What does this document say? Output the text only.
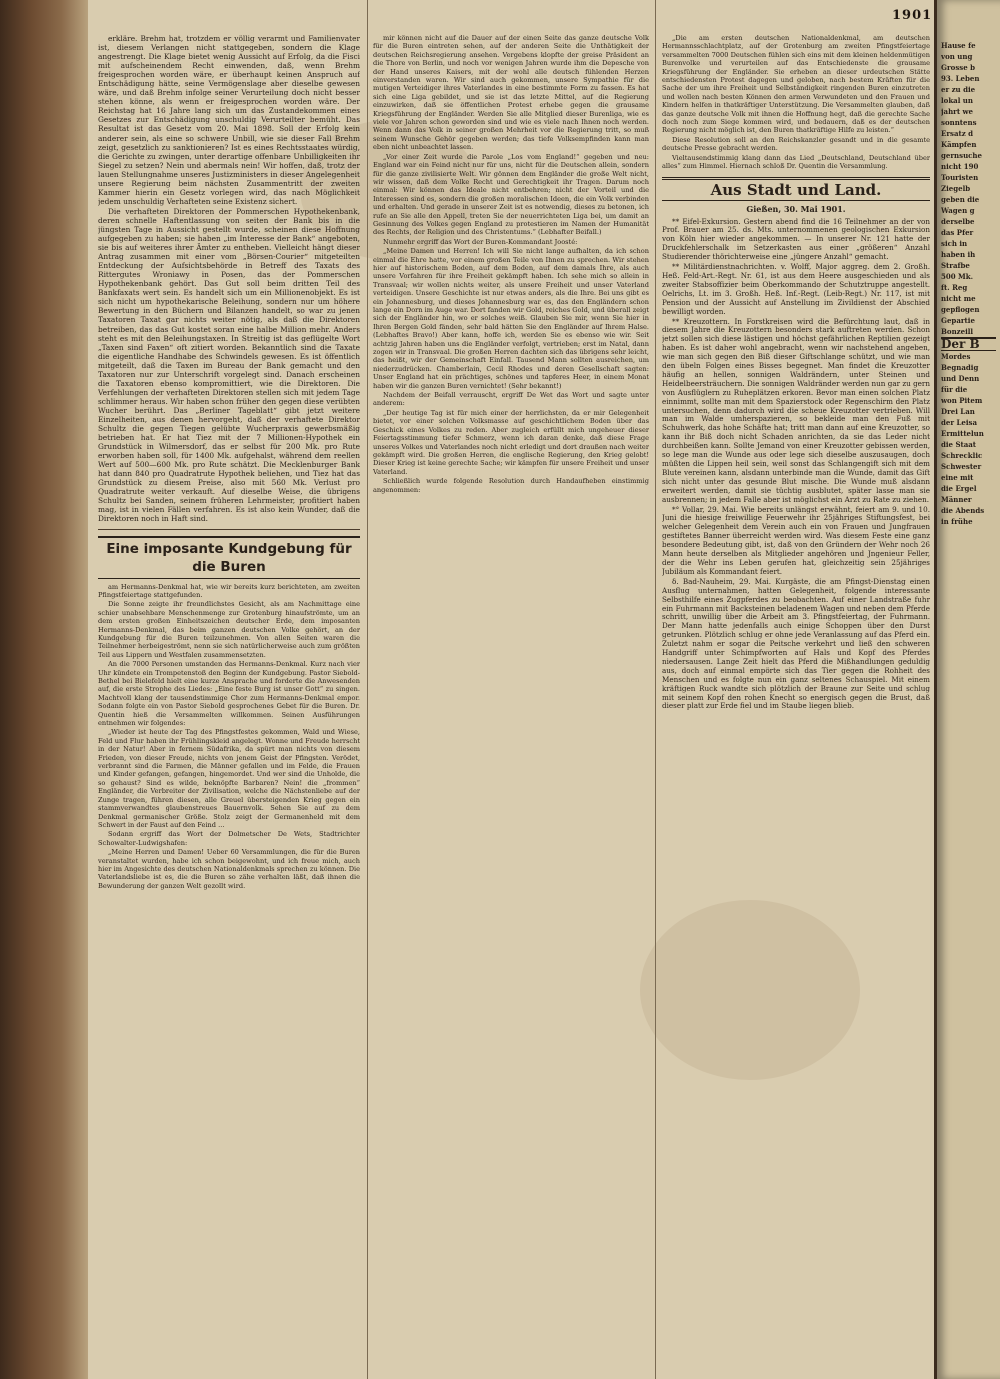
1901

erkläre. Brehm hat, trotzdem er völlig verarmt und Familienvater ist, diesem Verlangen nicht stattgegeben, sondern die Klage angestrengt. Die Klage bietet wenig Aussicht auf Erfolg, da die Fisci mit aufscheinendem Recht einwenden, daß, wenn Brehm freigesprochen worden wäre, er überhaupt keinen Anspruch auf Entschädigung hätte, seine Vermögenslage aber dieselbe gewesen wäre, und daß Brehm infolge seiner Verurteilung doch nicht besser stehen könne, als wenn er freigesprochen worden wäre. Der Reichstag hat 16 Jahre lang sich um das Zustandekommen eines Gesetzes zur Entschädigung unschuldig Verurteilter bemüht. Das Resultat ist das Gesetz vom 20. Mai 1898. Soll der Erfolg kein anderer sein, als eine so schwere Unbill, wie sie dieser Fall Brehm zeigt, gesetzlich zu sanktionieren? Ist es eines Rechtsstaates würdig, die Gerichte zu zwingen, unter derartige offenbare Unbilligkeiten ihr Siegel zu setzen? Nein und abermals nein! Wir hoffen, daß, trotz der lauen Stellungnahme unseres Justizministers in dieser Angelegenheit unsere Regierung beim nächsten Zusammentritt der zweiten Kammer hierin ein Gesetz vorlegen wird, das nach Möglichkeit jedem unschuldig Verhafteten seine Existenz sichert.

Die verhafteten Direktoren der Pommerschen Hypothekenbank, deren schnelle Haftentlassung von seiten der Bank bis in die jüngsten Tage in Aussicht gestellt wurde, scheinen diese Hoffnung aufgegeben zu haben; sie haben „im Interesse der Bank“ angeboten, sie bis auf weiteres ihrer Ämter zu entheben. Vielleicht hängt dieser Antrag zusammen mit einer vom „Börsen-Courier“ mitgeteilten Entdeckung der Aufsichtsbehörde in Betreff des Taxats des Rittergutes Wroniawy in Posen, das der Pommerschen Hypothekenbank gehört. Das Gut soll beim dritten Teil des Bankfaxats wert sein. Es handelt sich um ein Millionenobjekt. Es ist sich nicht um hypothekarische Beleihung, sondern nur um höhere Bewertung in den Büchern und Bilanzen handelt, so war zu jenen Taxatoren Taxat gar nichts weiter nötig, als daß die Direktoren betreiben, das das Gut kostet soran eine halbe Million mehr. Anders steht es mit den Beleihungstaxen. In Streitig ist das geflügelte Wort „Taxen sind Faxen“ oft zitiert worden. Bekanntlich sind die Taxate die eigentliche Handhabe des Schwindels gewesen. Es ist öffentlich mitgeteilt, daß die Taxen im Bureau der Bank gemacht und den Taxatoren nur zur Unterschrift vorgelegt sind. Danach erscheinen die Taxatoren ebenso kompromittiert, wie die Direktoren. Die Verfehlungen der verhafteten Direktoren stellen sich mit jedem Tage schlimmer heraus. Wir haben schon früher den gegen diese verübten Wucher berührt. Das „Berliner Tageblatt“ gibt jetzt weitere Einzelheiten, aus denen hervorgeht, daß der verhaftete Direktor Schultz die gegen Tiegen gelübte Wucherpraxis gewerbsmäßig betrieben hat. Er hat Tiez mit der 7 Millionen-Hypothek ein Grundstück in Wilmersdorf, das er selbst für 200 Mk. pro Rute erworben haben soll, für 1400 Mk. aufgehalst, während dem reellen Wert auf 500—600 Mk. pro Rute schätzt. Die Mecklenburger Bank hat dann 840 pro Quadratrute Hypothek beliehen, und Tiez hat das Grundstück zu diesem Preise, also mit 560 Mk. Verlust pro Quadratrute weiter verkauft. Auf dieselbe Weise, die übrigens Schultz bei Sanden, seinem früheren Lehrmeister, profitiert haben mag, ist in vielen Fällen verfahren. Es ist also kein Wunder, daß die Direktoren noch in Haft sind.

Eine imposante Kundgebung für die Buren

am Hermanns-Denkmal hat, wie wir bereits kurz berichteten, am zweiten Pfingstfeiertage stattgefunden.

Die Sonne zeigte ihr freundlichstes Gesicht, als am Nachmittage eine schier unabsehbare Menschenmenge zur Grotenburg hinaufströmte, um an dem ersten großen Einheitszeichen deutscher Erde, dem imposanten Hermanns-Denkmal, das beim ganzen deutschen Volke gehört, an der Kundgebung für die Buren teilzunehmen. Von allen Seiten waren die Teilnehmer herbeigeströmt, nenn sie sich natürlicherweise auch zum größten Teil aus Lippern und Westfalen zusammensetzten.

An die 7000 Personen umstanden das Hermanns-Denkmal. Kurz nach vier Uhr kündete ein Trompetenstoß den Beginn der Kundgebung. Pastor Siebold-Bethel bei Bielefeld hielt eine kurze Ansprache und forderte die Anwesenden auf, die erste Strophe des Liedes: „Eine feste Burg ist unser Gott“ zu singen. Machtvoll klang der tausendstimmige Chor zum Hermanns-Denkmal empor. Sodann folgte ein von Pastor Siebold gesprochenes Gebet für die Buren. Dr. Quentin hieß die Versammelten willkommen. Seinen Ausführungen entnehmen wir folgendes:

„Wieder ist heute der Tag des Pfingstfestes gekommen, Wald und Wiese, Feld und Flur haben ihr Frühlingskleid angelegt. Wonne und Freude herrscht in der Natur! Aber in fernem Südafrika, da spürt man nichts von diesem Frieden, von dieser Freude, nichts von jenem Geist der Pfingsten. Verödet, verbrannt sind die Farmen, die Männer gefallen und im Felde, die Frauen und Kinder gefangen, gefangen, hingemordet. Und wer sind die Unholde, die so gehaust? Sind es wilde, beknöpfte Barbaren? Nein! die „frommen“ Engländer, die Verbreiter der Zivilisation, welche die Nächstenliebe auf der Zunge tragen, führen diesen, alle Greuel übersteigenden Krieg gegen ein stammverwandtes glaubenstreues Bauernvolk. Sehen Sie auf zu dem Denkmal germanischer Größe. Stolz zeigt der Germanenheld mit dem Schwert in der Faust auf den Feind ...

Sodann ergriff das Wort der Dolmetscher De Wets, Stadtrichter Schowalter-Ludwigshafen:

„Meine Herren und Damen! Ueber 60 Versammlungen, die für die Buren veranstaltet wurden, habe ich schon beigewohnt, und ich freue mich, auch hier im Angesichte des deutschen Nationaldenkmals sprechen zu können. Die Vaterlandsliebe ist es, die die Buren so zähe verhalten läßt, daß ihnen die Bewunderung der ganzen Welt gezollt wird.

mir können nicht auf die Dauer auf der einen Seite das ganze deutsche Volk für die Buren eintreten sehen, auf der anderen Seite die Unthätigkeit der deutschen Reichsregierung ansehen. Vergebens klopfte der greise Präsident an die Thore von Berlin, und noch vor wenigen Jahren wurde ihm die Depesche von der Hand unseres Kaisers, mit der wohl alle deutsch fühlenden Herzen einverstanden waren. Wir sind auch gekommen, unsere Sympathie für die mutigen Verteidiger ihres Vaterlandes in eine bestimmte Form zu fassen. Es hat sich eine Liga gebildet, und sie ist das letzte Mittel, auf die Regierung einzuwirken, daß sie öffentlichen Protest erhebe gegen die grausame Kriegsführung der Engländer. Werden Sie alle Mitglied dieser Burenliga, wie es viele vor Jahren schon geworden sind und wie es viele nach Ihnen noch werden. Wenn dann das Volk in seiner großen Mehrheit vor die Regierung tritt, so muß seinem Wunsche Gehör gegeben werden; das tiefe Volksempfinden kann man eben nicht unbeachtet lassen.

„Vor einer Zeit wurde die Parole „Los vom England!“ gegeben und neu: England war ein Feind nicht nur für uns, nicht für die Deutschen allein, sondern für die ganze zivilisierte Welt. Wir gönnen dem Engländer die große Welt nicht, wir wissen, daß dem Volke Recht und Gerechtigkeit ihr Tragen. Darum noch einmal: Wir können das Ideale nicht entbehren; nicht der Vorteil und die Interessen sind es, sondern die großen moralischen Ideen, die ein Volk verbinden und erhalten. Und gerade in unserer Zeit ist es notwendig, dieses zu betonen, ich rufe an Sie alle den Appell, treten Sie der neuerrichteten Liga bei, um damit an Gesinnung des Volkes gegen England zu protestieren im Namen der Humanität des Rechts, der Religion und des Christentums.“ (Lebhafter Beifall.)

Nunmehr ergriff das Wort der Buren-Kommandant Joosté:

„Meine Damen und Herren! Ich will Sie nicht lange aufhalten, da ich schon einmal die Ehre hatte, vor einem großen Teile von Ihnen zu sprechen. Wir stehen hier auf historischem Boden, auf dem Boden, auf dem damals Ihre, als auch unsere Vorfahren für ihre Freiheit gekämpft haben. Ich sehe mich so allein in Transvaal; wir wollen nichts weiter, als unsere Freiheit und unser Vaterland verteidigen. Unsere Geschichte ist nur etwas anders, als die Ihre. Bei uns gibt es ein Johannesburg, und dieses Johannesburg war es, das den Engländern schon lange ein Dorn im Auge war. Dort fanden wir Gold, reiches Gold, und überall zeigt sich der Engländer hin, wo er solches weiß. Glauben Sie mir, wenn Sie hier in Ihren Bergen Gold fänden, sehr bald hätten Sie den Engländer auf Ihrem Halse. (Lebhaftes Bravo!) Aber kann, hoffe ich, werden Sie es ebenso wie wir. Seit achtzig Jahren haben uns die Engländer verfolgt, vertrieben; erst im Natal, dann zogen wir in Transvaal. Die großen Herren dachten sich das übrigens sehr leicht, das heißt, wir der Gemeinschaft Einfall. Tausend Mann sollten ausreichen, um niederzudrücken. Chamberlain, Cecil Rhodes und deren Gesellschaft sagten: Unser England hat ein prächtiges, schönes und tapferes Heer, in einem Monat haben wir die ganzen Buren vernichtet! (Sehr bekannt!)

Nachdem der Beifall verrauscht, ergriff De Wet das Wort und sagte unter anderem:

„Der heutige Tag ist für mich einer der herrlichsten, da er mir Gelegenheit bietet, vor einer solchen Volksmasse auf geschichtlichem Boden über das Geschick eines Volkes zu reden. Aber zugleich erfüllt mich ungeheuer dieser Feiertagsstimmung tiefer Schmerz, wenn ich daran denke, daß diese Frage unseres Volkes und Vaterlandes noch nicht erledigt und dort draußen nach weiter gekämpft wird. Die großen Herren, die englische Regierung, den Krieg gelobt! Dieser Krieg ist keine gerechte Sache; wir kämpfen für unsere Freiheit und unser Vaterland.

Schließlich wurde folgende Resolution durch Handaufheben einstimmig angenommen:

„Die am ersten deutschen Nationaldenkmal, am deutschen Hermannsschlachtplatz, auf der Grotenburg am zweiten Pfingstfeiertage versammelten 7000 Deutschen fühlen sich eins mit dem kleinen heldenmütigen Burenvolke und verurteilen auf das Entschiedenste die grausame Kriegsführung der Engländer. Sie erheben an dieser urdeutschen Stätte entschiedensten Protest dagegen und geloben, nach bestem Kräften für die Sache der um ihre Freiheit und Selbständigkeit ringenden Buren einzutreten und wollen nach besten Können den armen Verwundeten und den Frauen und Kindern helfen in thatkräftiger Unterstützung. Die Versammelten glauben, daß das ganze deutsche Volk mit ihnen die Hoffnung hegt, daß die gerechte Sache doch noch zum Siege kommen wird, und bedauern, daß es der deutschen Regierung nicht möglich ist, den Buren thatkräftige Hilfe zu leisten.“

Diese Resolution soll an den Reichskanzler gesandt und in die gesamte deutsche Presse gebracht werden.

Vieltausendstimmig klang dann das Lied „Deutschland, Deutschland über alles“ zum Himmel. Hiernach schloß Dr. Quentin die Versammlung.

Aus Stadt und Land.
Gießen, 30. Mai 1901.

** Eifel-Exkursion. Gestern abend find die 16 Teilnehmer an der von Prof. Brauer am 25. ds. Mts. unternommenen geologischen Exkursion von Köln hier wieder angekommen. — In unserer Nr. 121 hatte der Druckfehlerschalk im Setzerkasten aus einer „größeren“ Anzahl Studierender thörichterweise eine „jüngere Anzahl“ gemacht.

** Militärdienstnachrichten. v. Wolff, Major aggreg. dem 2. Großh. Heß. Feld-Art.-Regt. Nr. 61, ist aus dem Heere ausgeschieden und als zweiter Stabsoffizier beim Oberkommando der Schutztruppe angestellt. Oelrichs, Lt. im 3. Großh. Heß. Inf.-Regt. (Leib-Regt.) Nr. 117, ist mit Pension und der Aussicht auf Anstellung im Zivildienst der Abschied bewilligt worden.

** Kreuzottern. In Forstkreisen wird die Befürchtung laut, daß in diesem Jahre die Kreuzottern besonders stark auftreten werden. Schon jetzt sollen sich diese lästigen und höchst gefährlichen Reptilien gezeigt haben. Es ist daher wohl angebracht, wenn wir nachstehend angeben, wie man sich gegen den Biß dieser Giftschlange schützt, und wie man den übeln Folgen eines Bisses begegnet. Man findet die Kreuzotter häufig an hellen, sonnigen Waldrändern, unter Steinen und Heidelbeersträuchern. Die sonnigen Waldränder werden nun gar zu gern von Ausflüglern zu Ruheplätzen erkoren. Bevor man einen solchen Platz einnimmt, sollte man mit dem Spazierstock oder Regenschirm den Platz untersuchen, denn dadurch wird die scheue Kreuzotter vertrieben. Will man im Walde umherspazieren, so bekleide man den Fuß mit Schuhwerk, das hohe Schäfte hat; tritt man dann auf eine Kreuzotter, so kann ihr Biß doch nicht Schaden anrichten, da sie das Leder nicht durchbeißen kann. Sollte Jemand von einer Kreuzotter gebissen werden, so lege man die Wunde aus oder lege sich dieselbe auszusaugen, doch müßten die Lippen heil sein, weil sonst das Schlangengift sich mit dem Blute vereinen kann, alsdann unterbinde man die Wunde, damit das Gift sich nicht unter das gesunde Blut mische. Die Wunde muß alsdann erweitert werden, damit sie tüchtig ausblutet, später lasse man sie ausbrennen; in jedem Falle aber ist möglichst ein Arzt zu Rate zu ziehen.

*° Vollar, 29. Mai. Wie bereits unlängst erwähnt, feiert am 9. und 10. Juni die hiesige freiwillige Feuerwehr ihr 25jähriges Stiftungsfest, bei welcher Gelegenheit dem Verein auch ein von Frauen und Jungfrauen gestiftetes Banner überreicht werden wird. Was diesem Feste eine ganz besondere Bedeutung gibt, ist, daß von den Gründern der Wehr noch 26 Mann heute derselben als Mitglieder angehören und Jngenieur Feller, der die Wehr ins Leben gerufen hat, gleichzeitig sein 25jähriges Jubiläum als Kommandant feiert.

δ. Bad-Nauheim, 29. Mai. Kurgäste, die am Pfingst-Dienstag einen Ausflug unternahmen, hatten Gelegenheit, folgende interessante Selbsthilfe eines Zugpferdes zu beobachten. Auf einer Landstraße fuhr ein Fuhrmann mit Backsteinen beladenem Wagen und neben dem Pferde schritt, unwillig über die Arbeit am 3. Pfingstfeiertag, der Fuhrmann. Der Mann hatte jedenfalls auch einige Schoppen über den Durst getrunken. Plötzlich schlug er ohne jede Veranlassung auf das Pferd ein. Zuletzt nahm er sogar die Peitsche verkehrt und ließ den schweren Handgriff unter Schimpfworten auf Hals und Kopf des Pferdes niedersausen. Lange Zeit hielt das Pferd die Mißhandlungen geduldig aus, doch auf einmal empörte sich das Tier gegen die Rohheit des Menschen und es folgte nun ein ganz seltenes Schauspiel. Mit einem kräftigen Ruck wandte sich plötzlich der Braune zur Seite und schlug mit seinem Kopf den rohen Knecht so energisch gegen die Brust, daß dieser platt zur Erde fiel und im Staube liegen blieb.

Hause fe
von ung
Grosse b
93. Leben
er zu die
lokal un
jahrt we
sonntens
Ersatz d
Kämpfen
gernsuche
nicht 190
Touristen
Ziegelb
geben die
Wagen g
derselbe
das Pfer
sich in
haben ih
Strafbe
500 Mk.
ft. Reg
nicht me
gepflogen
Gepartie
Bonzeill
Der B
Mordes
Begnadig
und Denn
für die
won Pitem
Drei Lan
der Leisa
Ermittelun
die Staat
Schrecklic
Schwester
eine mit
die Ergel
Männer
die Abends
in frühe
